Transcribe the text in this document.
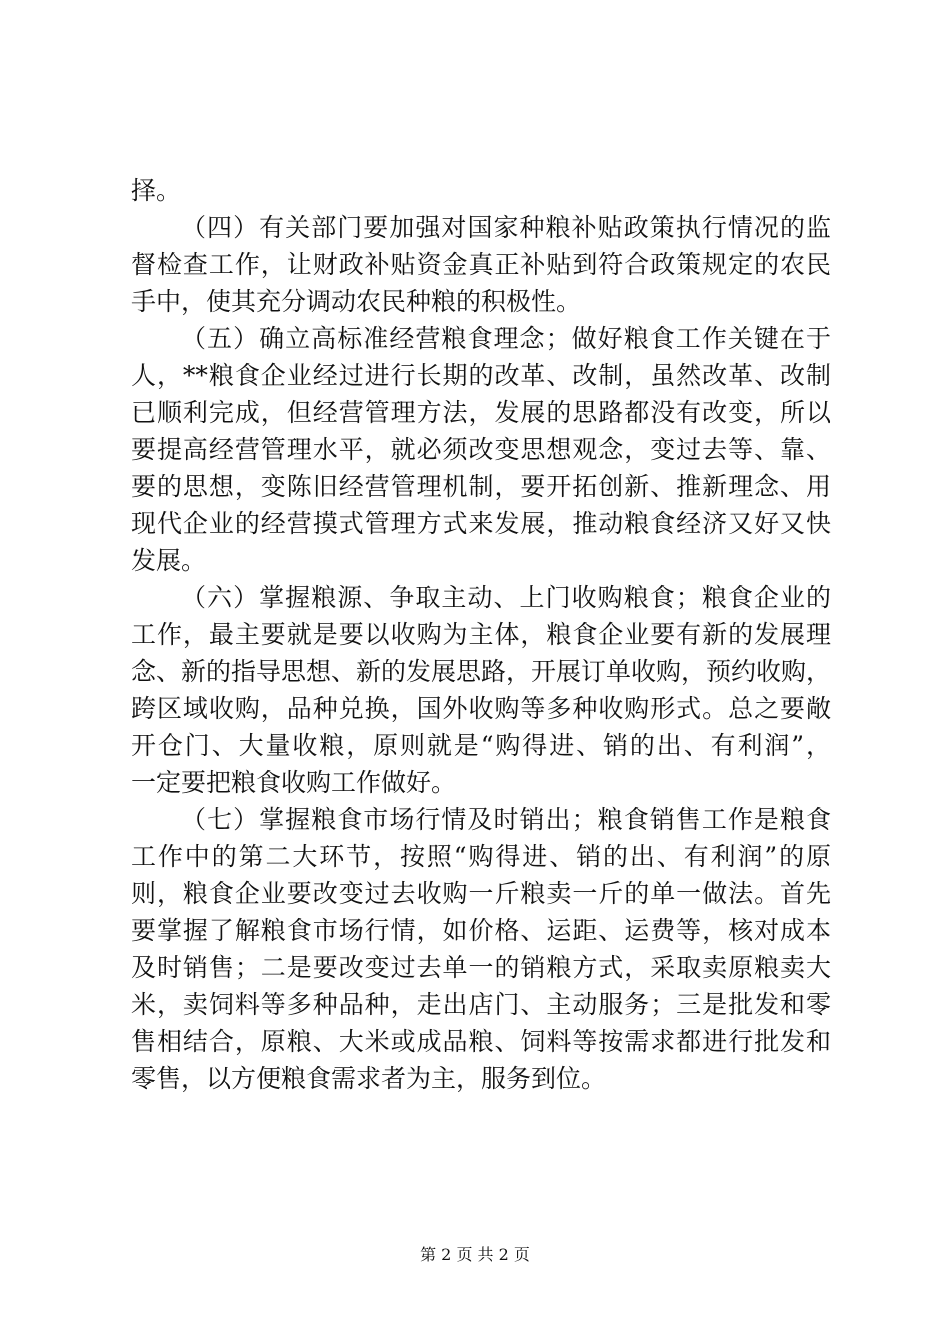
择。
（四）有关部门要加强对国家种粮补贴政策执行情况的监
督检查工作，让财政补贴资金真正补贴到符合政策规定的农民
手中，使其充分调动农民种粮的积极性。
（五）确立高标准经营粮食理念；做好粮食工作关键在于
人，**粮食企业经过进行长期的改革、改制，虽然改革、改制
已顺利完成，但经营管理方法，发展的思路都没有改变，所以
要提高经营管理水平，就必须改变思想观念，变过去等、靠、
要的思想，变陈旧经营管理机制，要开拓创新、推新理念、用
现代企业的经营摸式管理方式来发展，推动粮食经济又好又快
发展。
（六）掌握粮源、争取主动、上门收购粮食；粮食企业的
工作，最主要就是要以收购为主体，粮食企业要有新的发展理
念、新的指导思想、新的发展思路，开展订单收购，预约收购，
跨区域收购，品种兑换，国外收购等多种收购形式。总之要敞
开仓门、大量收粮，原则就是“购得进、销的出、有利润”，
一定要把粮食收购工作做好。
（七）掌握粮食市场行情及时销出；粮食销售工作是粮食
工作中的第二大环节，按照“购得进、销的出、有利润”的原
则，粮食企业要改变过去收购一斤粮卖一斤的单一做法。首先
要掌握了解粮食市场行情，如价格、运距、运费等，核对成本
及时销售；二是要改变过去单一的销粮方式，采取卖原粮卖大
米，卖饲料等多种品种，走出店门、主动服务；三是批发和零
售相结合，原粮、大米或成品粮、饲料等按需求都进行批发和
零售，以方便粮食需求者为主，服务到位。
第 2 页 共 2 页
